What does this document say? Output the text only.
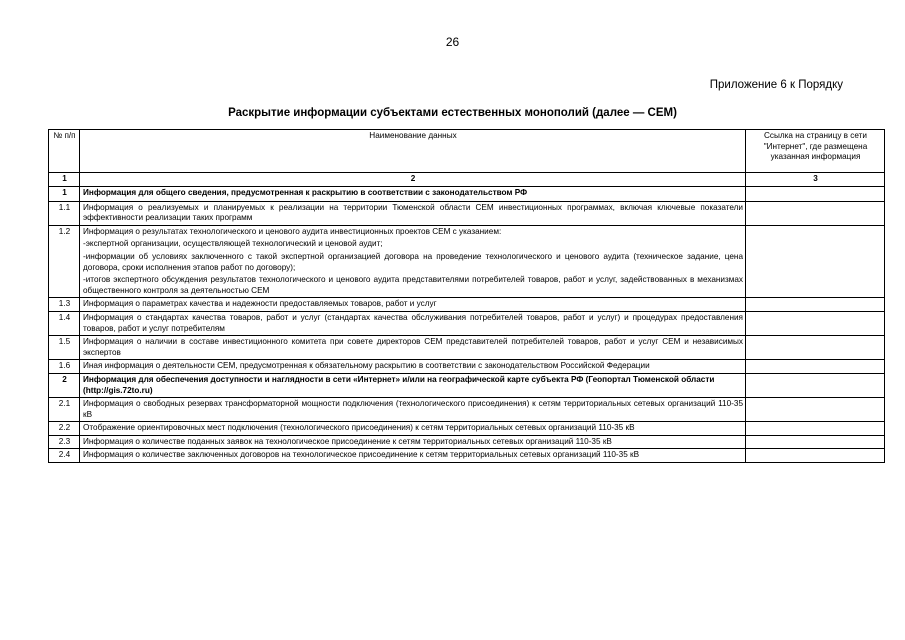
26
Приложение 6 к Порядку
Раскрытие информации субъектами естественных монополий (далее — СЕМ)
№ п/п	Наименование данных	Ссылка на страницу в сети "Интернет", где размещена указанная информация
1	2	3
1	Информация для общего сведения, предусмотренная к раскрытию в соответствии с законодательством РФ	
1.1	Информация о реализуемых и планируемых к реализации на территории Тюменской области СЕМ инвестиционных программах, включая ключевые показатели эффективности реализации таких программ	
1.2	Информация о результатах технологического и ценового аудита инвестиционных проектов СЕМ с указанием:

-экспертной организации, осуществляющей технологический и ценовой аудит;

-информации об условиях заключенного с такой экспертной организацией договора на проведение технологического и ценового аудита (техническое задание, цена договора, сроки исполнения этапов работ по договору);

-итогов экспертного обсуждения результатов технологического и ценового аудита представителями потребителей товаров, работ и услуг, задействованных в механизмах общественного контроля за деятельностью СЕМ	

1.3	Информация о параметрах качества и надежности предоставляемых товаров, работ и услуг	
1.4	Информация о стандартах качества товаров, работ и услуг (стандартах качества обслуживания потребителей товаров, работ и услуг) и процедурах предоставления товаров, работ и услуг потребителям	
1.5	Информация о наличии в составе инвестиционного комитета при совете директоров СЕМ представителей потребителей товаров, работ и услуг СЕМ и независимых экспертов	
1.6	Иная информация о деятельности СЕМ, предусмотренная к обязательному раскрытию в соответствии с законодательством Российской Федерации	
2	Информация для обеспечения доступности и наглядности в сети «Интернет» и/или на географической карте субъекта РФ (Геопортал Тюменской области (http://gis.72to.ru)	
2.1	Информация о свободных резервах трансформаторной мощности подключения (технологического присоединения) к сетям территориальных сетевых организаций 110-35 кВ	
2.2	Отображение ориентировочных мест подключения (технологического присоединения) к сетям территориальных сетевых организаций 110-35 кВ	
2.3	Информация о количестве поданных заявок на технологическое присоединение к сетям территориальных сетевых организаций 110-35 кВ	
2.4	Информация о количестве заключенных договоров на технологическое присоединение к сетям территориальных сетевых организаций 110-35 кВ	
